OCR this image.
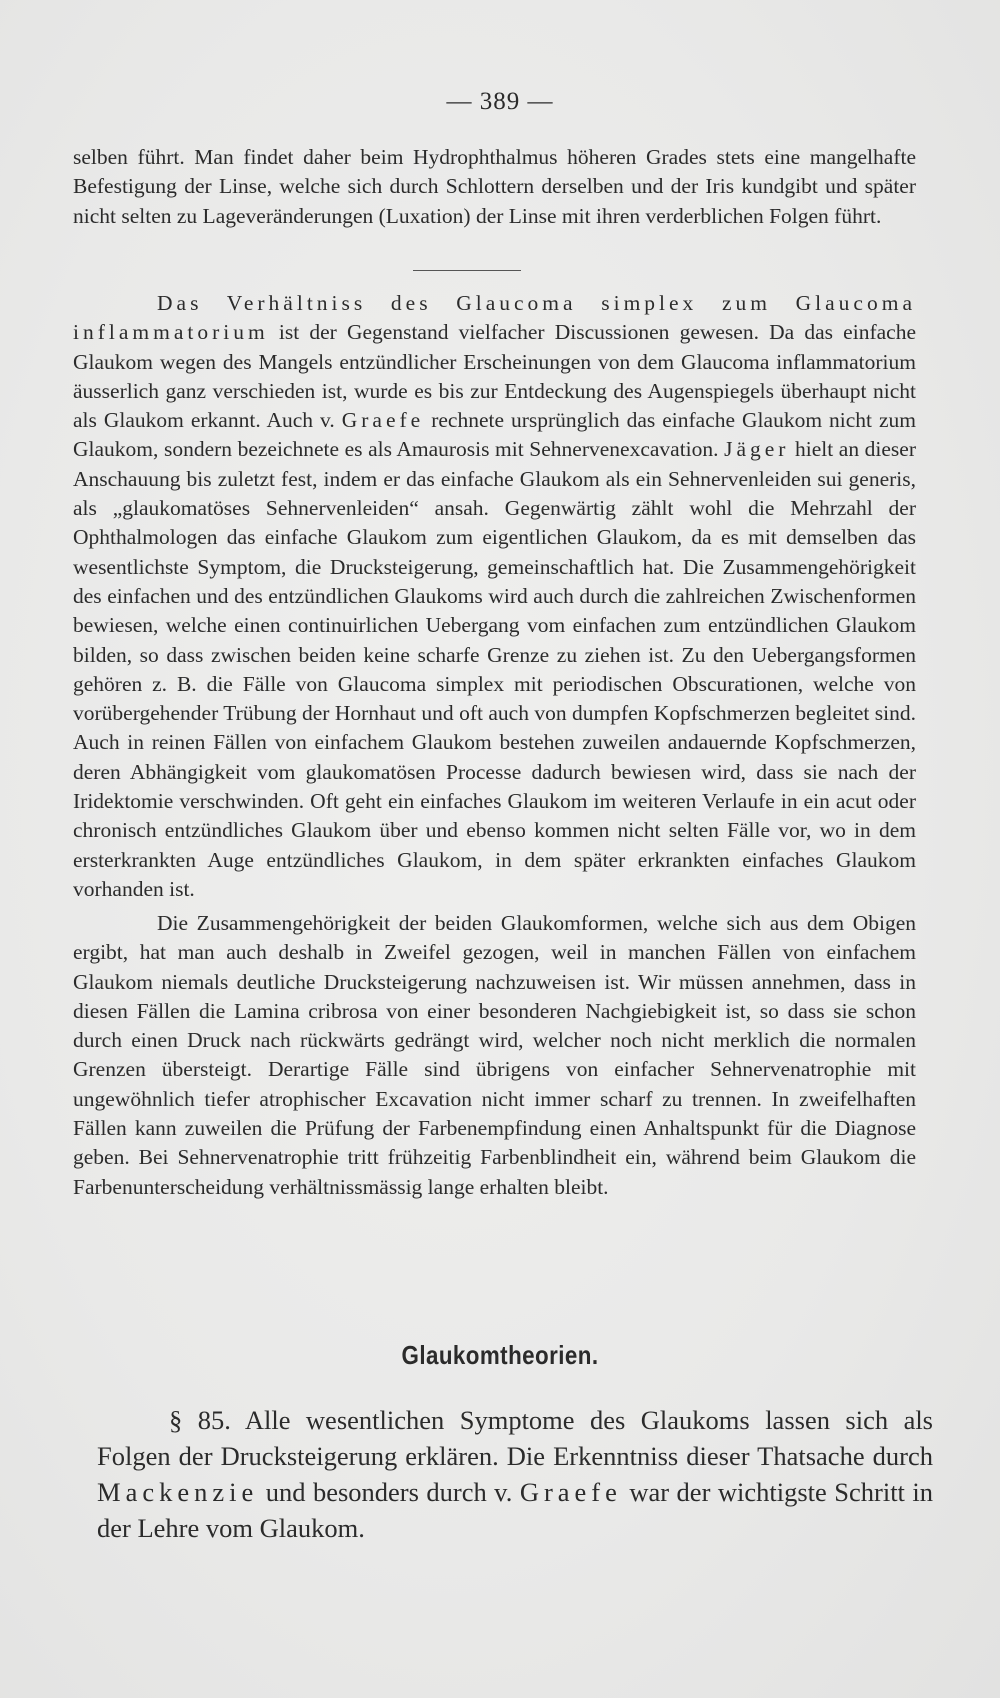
— 389 —

selben führt. Man findet daher beim Hydrophthalmus höheren Grades stets eine mangelhafte Befestigung der Linse, welche sich durch Schlottern derselben und der Iris kundgibt und später nicht selten zu Lageveränderungen (Luxation) der Linse mit ihren verderblichen Folgen führt.

Das Verhältniss des Glaucoma simplex zum Glaucoma inflammatorium ist der Gegenstand vielfacher Discussionen gewesen. Da das einfache Glaukom wegen des Mangels entzündlicher Erscheinungen von dem Glaucoma inflammatorium äusserlich ganz verschieden ist, wurde es bis zur Entdeckung des Augenspiegels überhaupt nicht als Glaukom erkannt. Auch v. Graefe rechnete ursprünglich das einfache Glaukom nicht zum Glaukom, sondern bezeichnete es als Amaurosis mit Sehnervenexcavation. Jäger hielt an dieser Anschauung bis zuletzt fest, indem er das einfache Glaukom als ein Sehnervenleiden sui generis, als „glaukomatöses Sehnervenleiden“ ansah. Gegenwärtig zählt wohl die Mehrzahl der Ophthalmologen das einfache Glaukom zum eigentlichen Glaukom, da es mit demselben das wesentlichste Symptom, die Drucksteigerung, gemeinschaftlich hat. Die Zusammengehörigkeit des einfachen und des entzündlichen Glaukoms wird auch durch die zahlreichen Zwischenformen bewiesen, welche einen continuirlichen Uebergang vom einfachen zum entzündlichen Glaukom bilden, so dass zwischen beiden keine scharfe Grenze zu ziehen ist. Zu den Uebergangsformen gehören z. B. die Fälle von Glaucoma simplex mit periodischen Obscurationen, welche von vorübergehender Trübung der Hornhaut und oft auch von dumpfen Kopfschmerzen begleitet sind. Auch in reinen Fällen von einfachem Glaukom bestehen zuweilen andauernde Kopfschmerzen, deren Abhängigkeit vom glaukomatösen Processe dadurch bewiesen wird, dass sie nach der Iridektomie verschwinden. Oft geht ein einfaches Glaukom im weiteren Verlaufe in ein acut oder chronisch entzündliches Glaukom über und ebenso kommen nicht selten Fälle vor, wo in dem ersterkrankten Auge entzündliches Glaukom, in dem später erkrankten einfaches Glaukom vorhanden ist.

Die Zusammengehörigkeit der beiden Glaukomformen, welche sich aus dem Obigen ergibt, hat man auch deshalb in Zweifel gezogen, weil in manchen Fällen von einfachem Glaukom niemals deutliche Drucksteigerung nachzuweisen ist. Wir müssen annehmen, dass in diesen Fällen die Lamina cribrosa von einer besonderen Nachgiebigkeit ist, so dass sie schon durch einen Druck nach rückwärts gedrängt wird, welcher noch nicht merklich die normalen Grenzen übersteigt. Derartige Fälle sind übrigens von einfacher Sehnervenatrophie mit ungewöhnlich tiefer atrophischer Excavation nicht immer scharf zu trennen. In zweifelhaften Fällen kann zuweilen die Prüfung der Farbenempfindung einen Anhaltspunkt für die Diagnose geben. Bei Sehnervenatrophie tritt frühzeitig Farbenblindheit ein, während beim Glaukom die Farbenunterscheidung verhältnissmässig lange erhalten bleibt.

Glaukomtheorien.

§ 85. Alle wesentlichen Symptome des Glaukoms lassen sich als Folgen der Drucksteigerung erklären. Die Erkenntniss dieser Thatsache durch Mackenzie und besonders durch v. Graefe war der wichtigste Schritt in der Lehre vom Glaukom.
